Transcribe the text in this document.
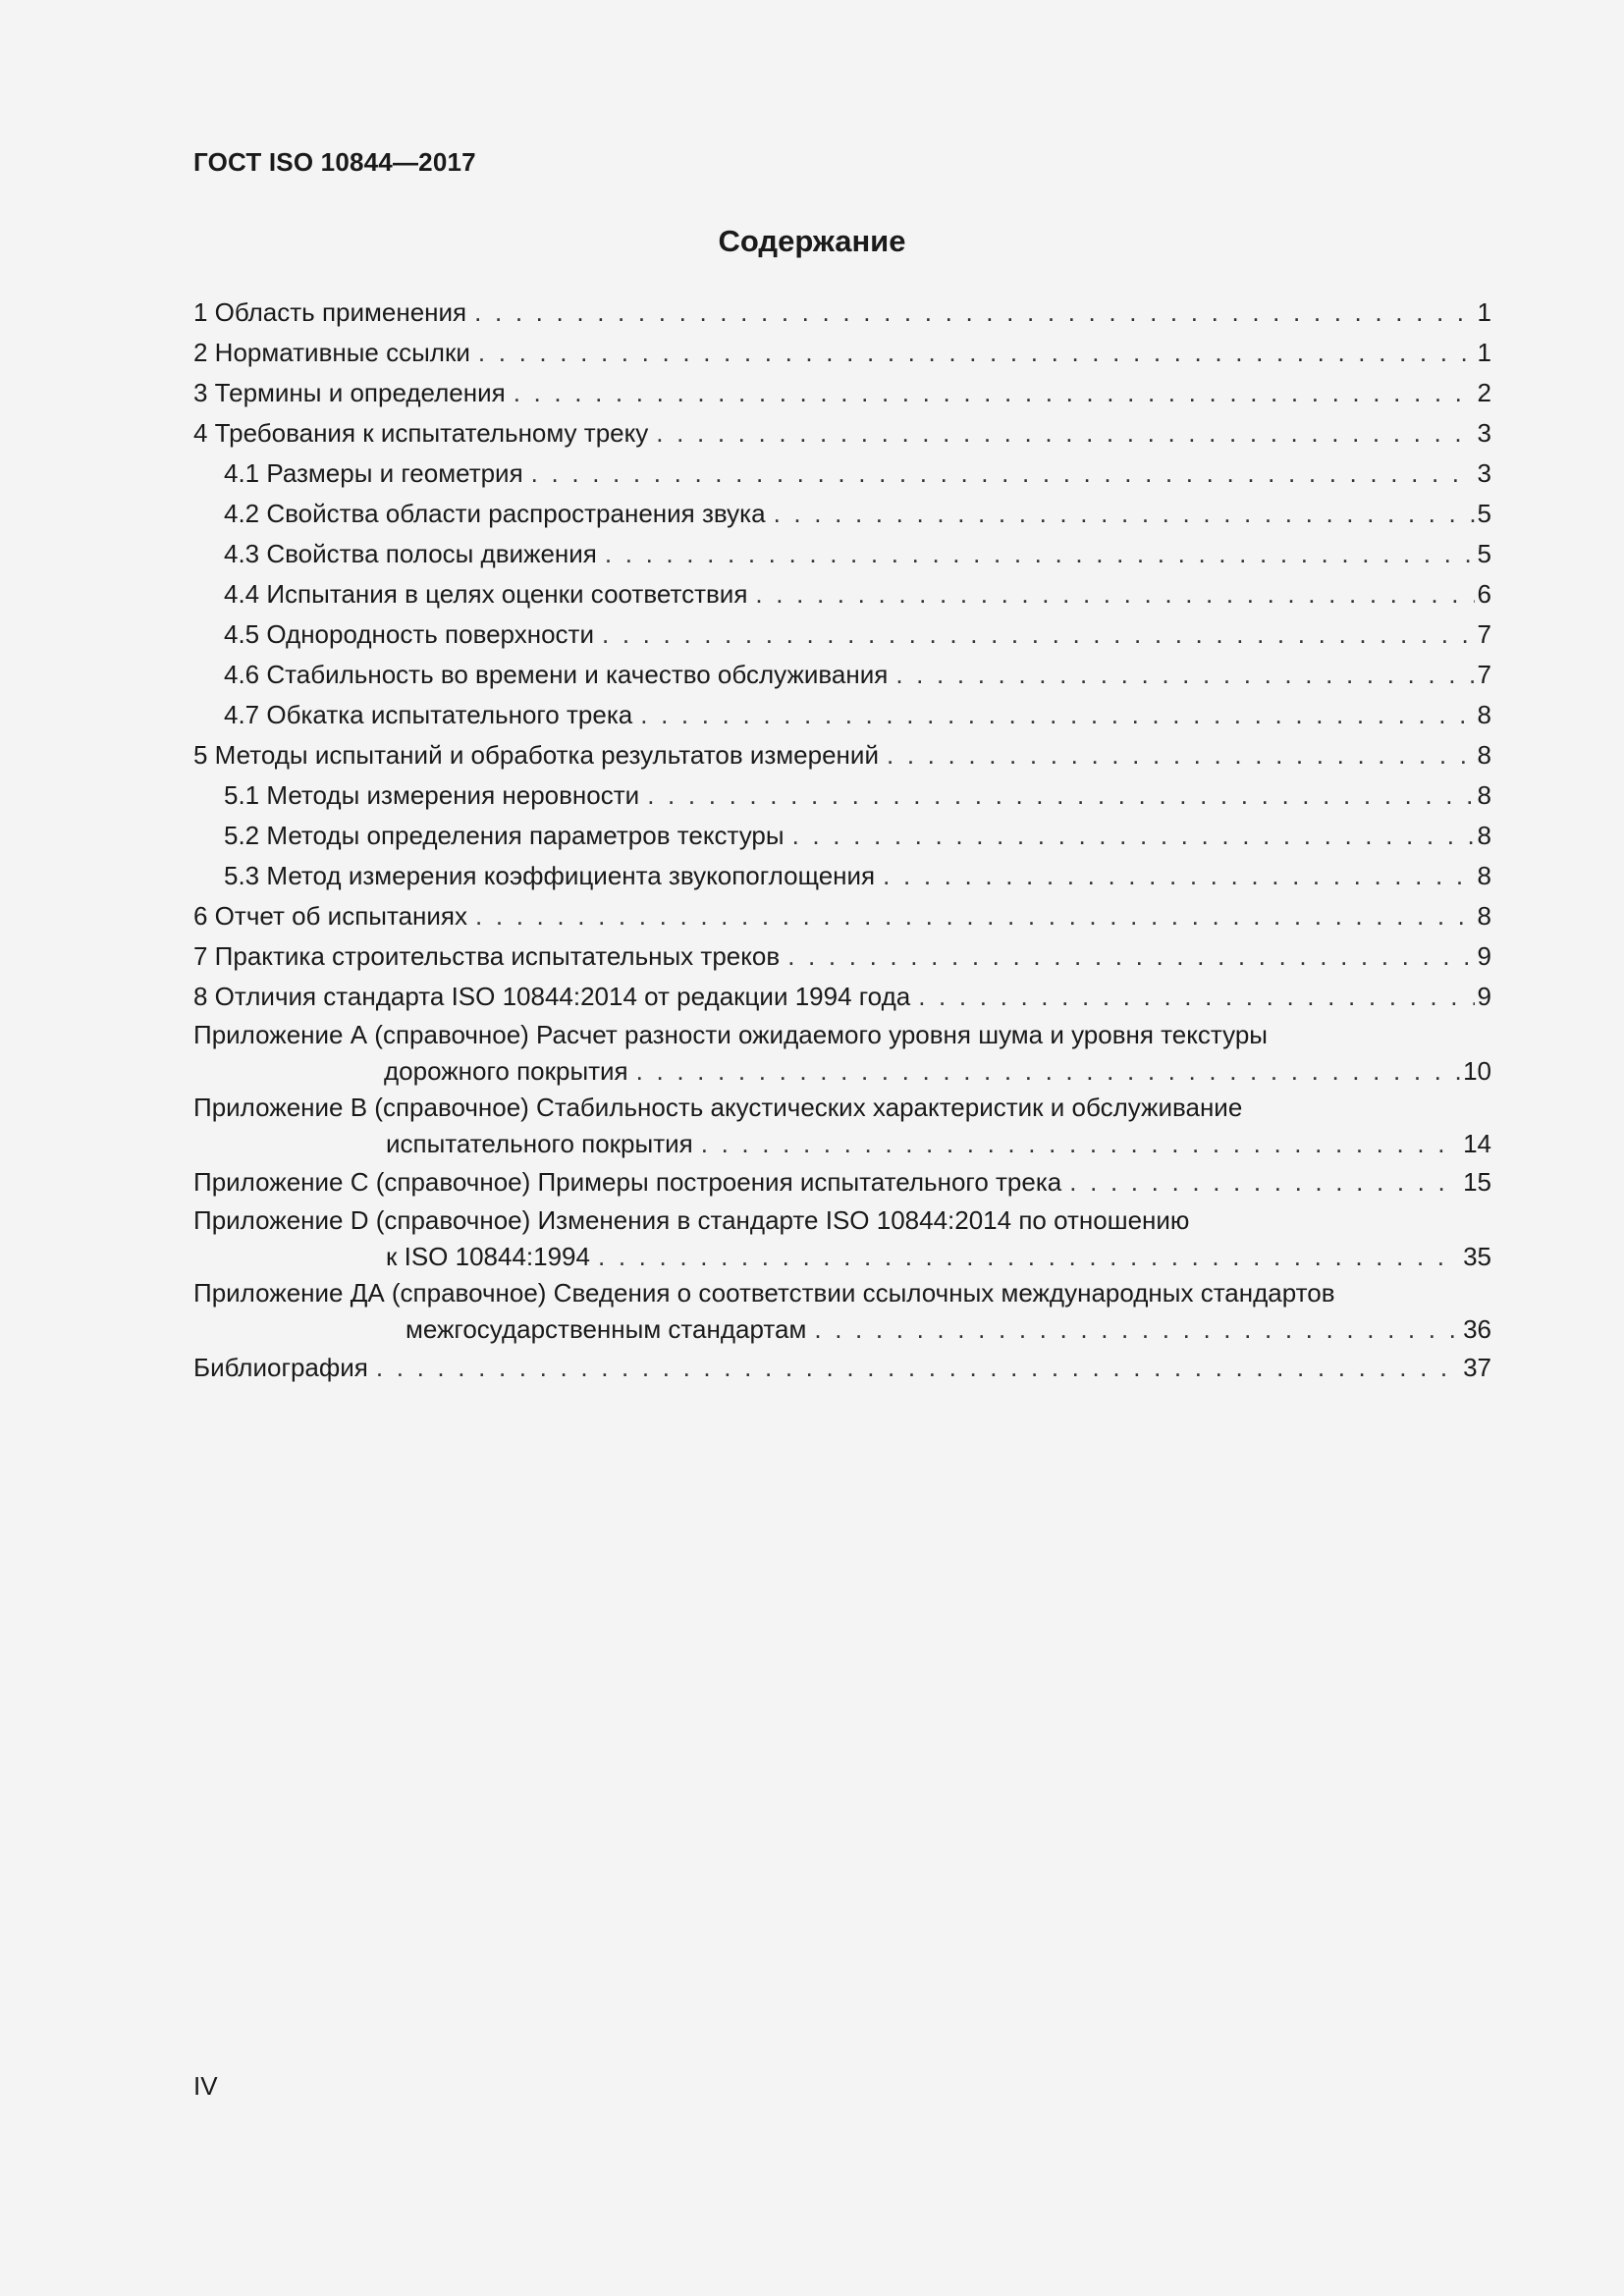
ГОСТ ISO 10844—2017
Содержание
1 Область применения . . .	1
2 Нормативные ссылки . . .	1
3 Термины и определения . . .	2
4 Требования к испытательному треку . . .	3
4.1 Размеры и геометрия . . .	3
4.2 Свойства области распространения звука . . .	5
4.3 Свойства полосы движения . . .	5
4.4 Испытания в целях оценки соответствия . . .	6
4.5 Однородность поверхности . . .	7
4.6 Стабильность во времени и качество обслуживания . . .	7
4.7 Обкатка испытательного трека . . .	8
5 Методы испытаний и обработка результатов измерений . . .	8
5.1 Методы измерения неровности . . .	8
5.2 Методы определения параметров текстуры . . .	8
5.3 Метод измерения коэффициента звукопоглощения . . .	8
6 Отчет об испытаниях . . .	8
7 Практика строительства испытательных треков . . .	9
8 Отличия стандарта ISO 10844:2014 от редакции 1994 года . . .	9
Приложение А (справочное) Расчет разности ожидаемого уровня шума и уровня текстуры
дорожного покрытия . . .	10
Приложение В (справочное) Стабильность акустических характеристик и обслуживание
испытательного покрытия . . .	14
Приложение С (справочное) Примеры построения испытательного трека . . .	15
Приложение D (справочное) Изменения в стандарте ISO 10844:2014 по отношению
к ISO 10844:1994 . . .	35
Приложение ДА (справочное) Сведения о соответствии ссылочных международных стандартов
межгосударственным стандартам . . .	36
Библиография . . .	37
IV
